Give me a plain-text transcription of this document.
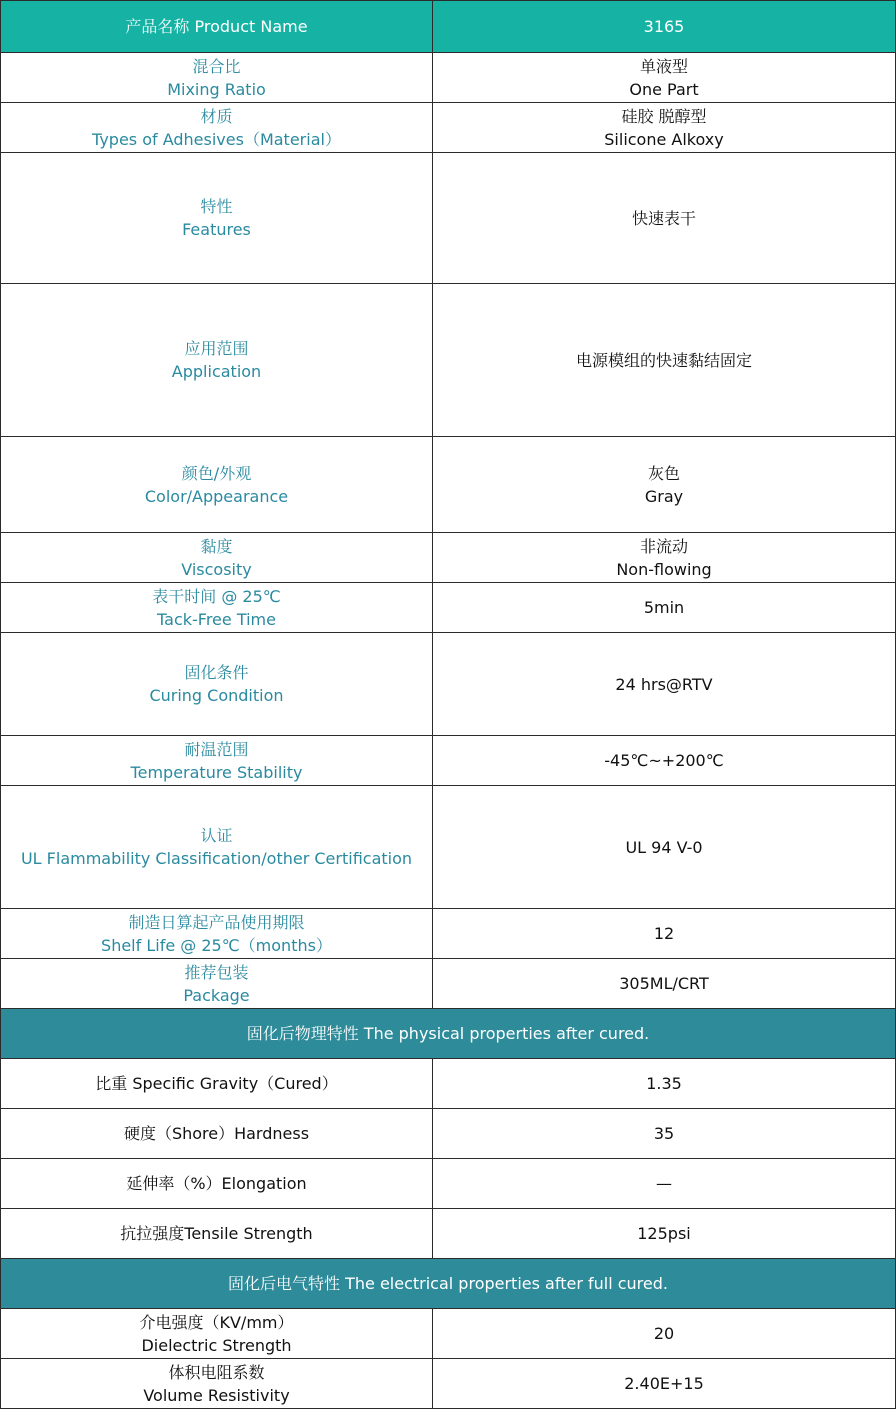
产品名称 Product Name	3165

混合比
Mixing Ratio	单液型
One Part

材质
Types of Adhesives（Material）	硅胶 脱醇型
Silicone Alkoxy

特性
Features	快速表干

应用范围
Application	电源模组的快速黏结固定

颜色/外观
Color/Appearance	灰色
Gray

黏度
Viscosity	非流动
Non-flowing

表干时间 @ 25℃
Tack-Free Time	5min

固化条件
Curing Condition	24 hrs@RTV

耐温范围
Temperature Stability	-45℃~+200℃

认证
UL Flammability Classification/other Certification	UL 94 V-0

制造日算起产品使用期限
Shelf Life @ 25℃（months）	12

推荐包装
Package	305ML/CRT
固化后物理特性 The physical properties after cured.	
比重 Specific Gravity（Cured）	1.35
硬度（Shore）Hardness	35
延伸率（%）Elongation	—
抗拉强度Tensile Strength	125psi
固化后电气特性 The electrical properties after full cured.	

介电强度（KV/mm）
Dielectric Strength	20

体积电阻系数
Volume Resistivity	2.40E+15
